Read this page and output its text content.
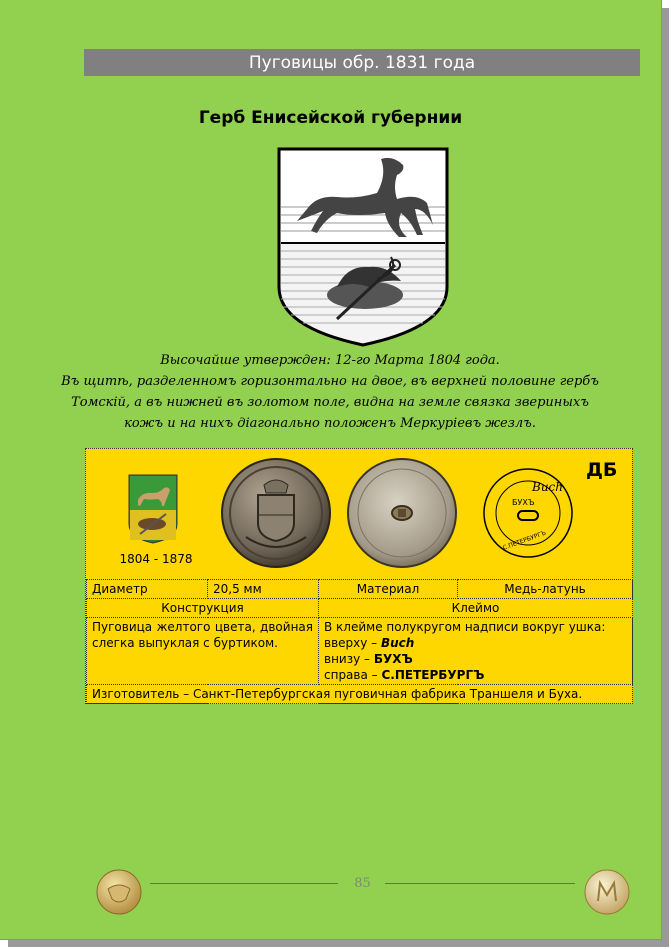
Пуговицы обр. 1831 года
Герб Енисейской губернии
Высочайше утвержден: 12-го Марта 1804 года.
Въ щитѣ, разделенномъ горизонтально на двое, въ верхней половине гербъ
Томскій, а въ нижней въ золотом поле, видна на земле связка звериныхъ
кожъ и на нихъ діагонально положенъ Меркуріевъ жезлъ.
1804 - 1878
Buch
БУХЪ
С.ПЕТЕРБУРГЪ
ДБ
Диаметр	20,5 мм	Материал	Медь-латунь
Конструкция		Клеймо	
Пуговица желтого цвета, двойная слегка выпуклая с буртиком.		В клейме полукругом надписи вокруг ушка:
вверху – Buch
внизу – БУХЪ
справа – С.ПЕТЕРБУРГЪ	

Изготовитель – Санкт-Петербургская пуговичная фабрика Траншеля и Буха.			
85
